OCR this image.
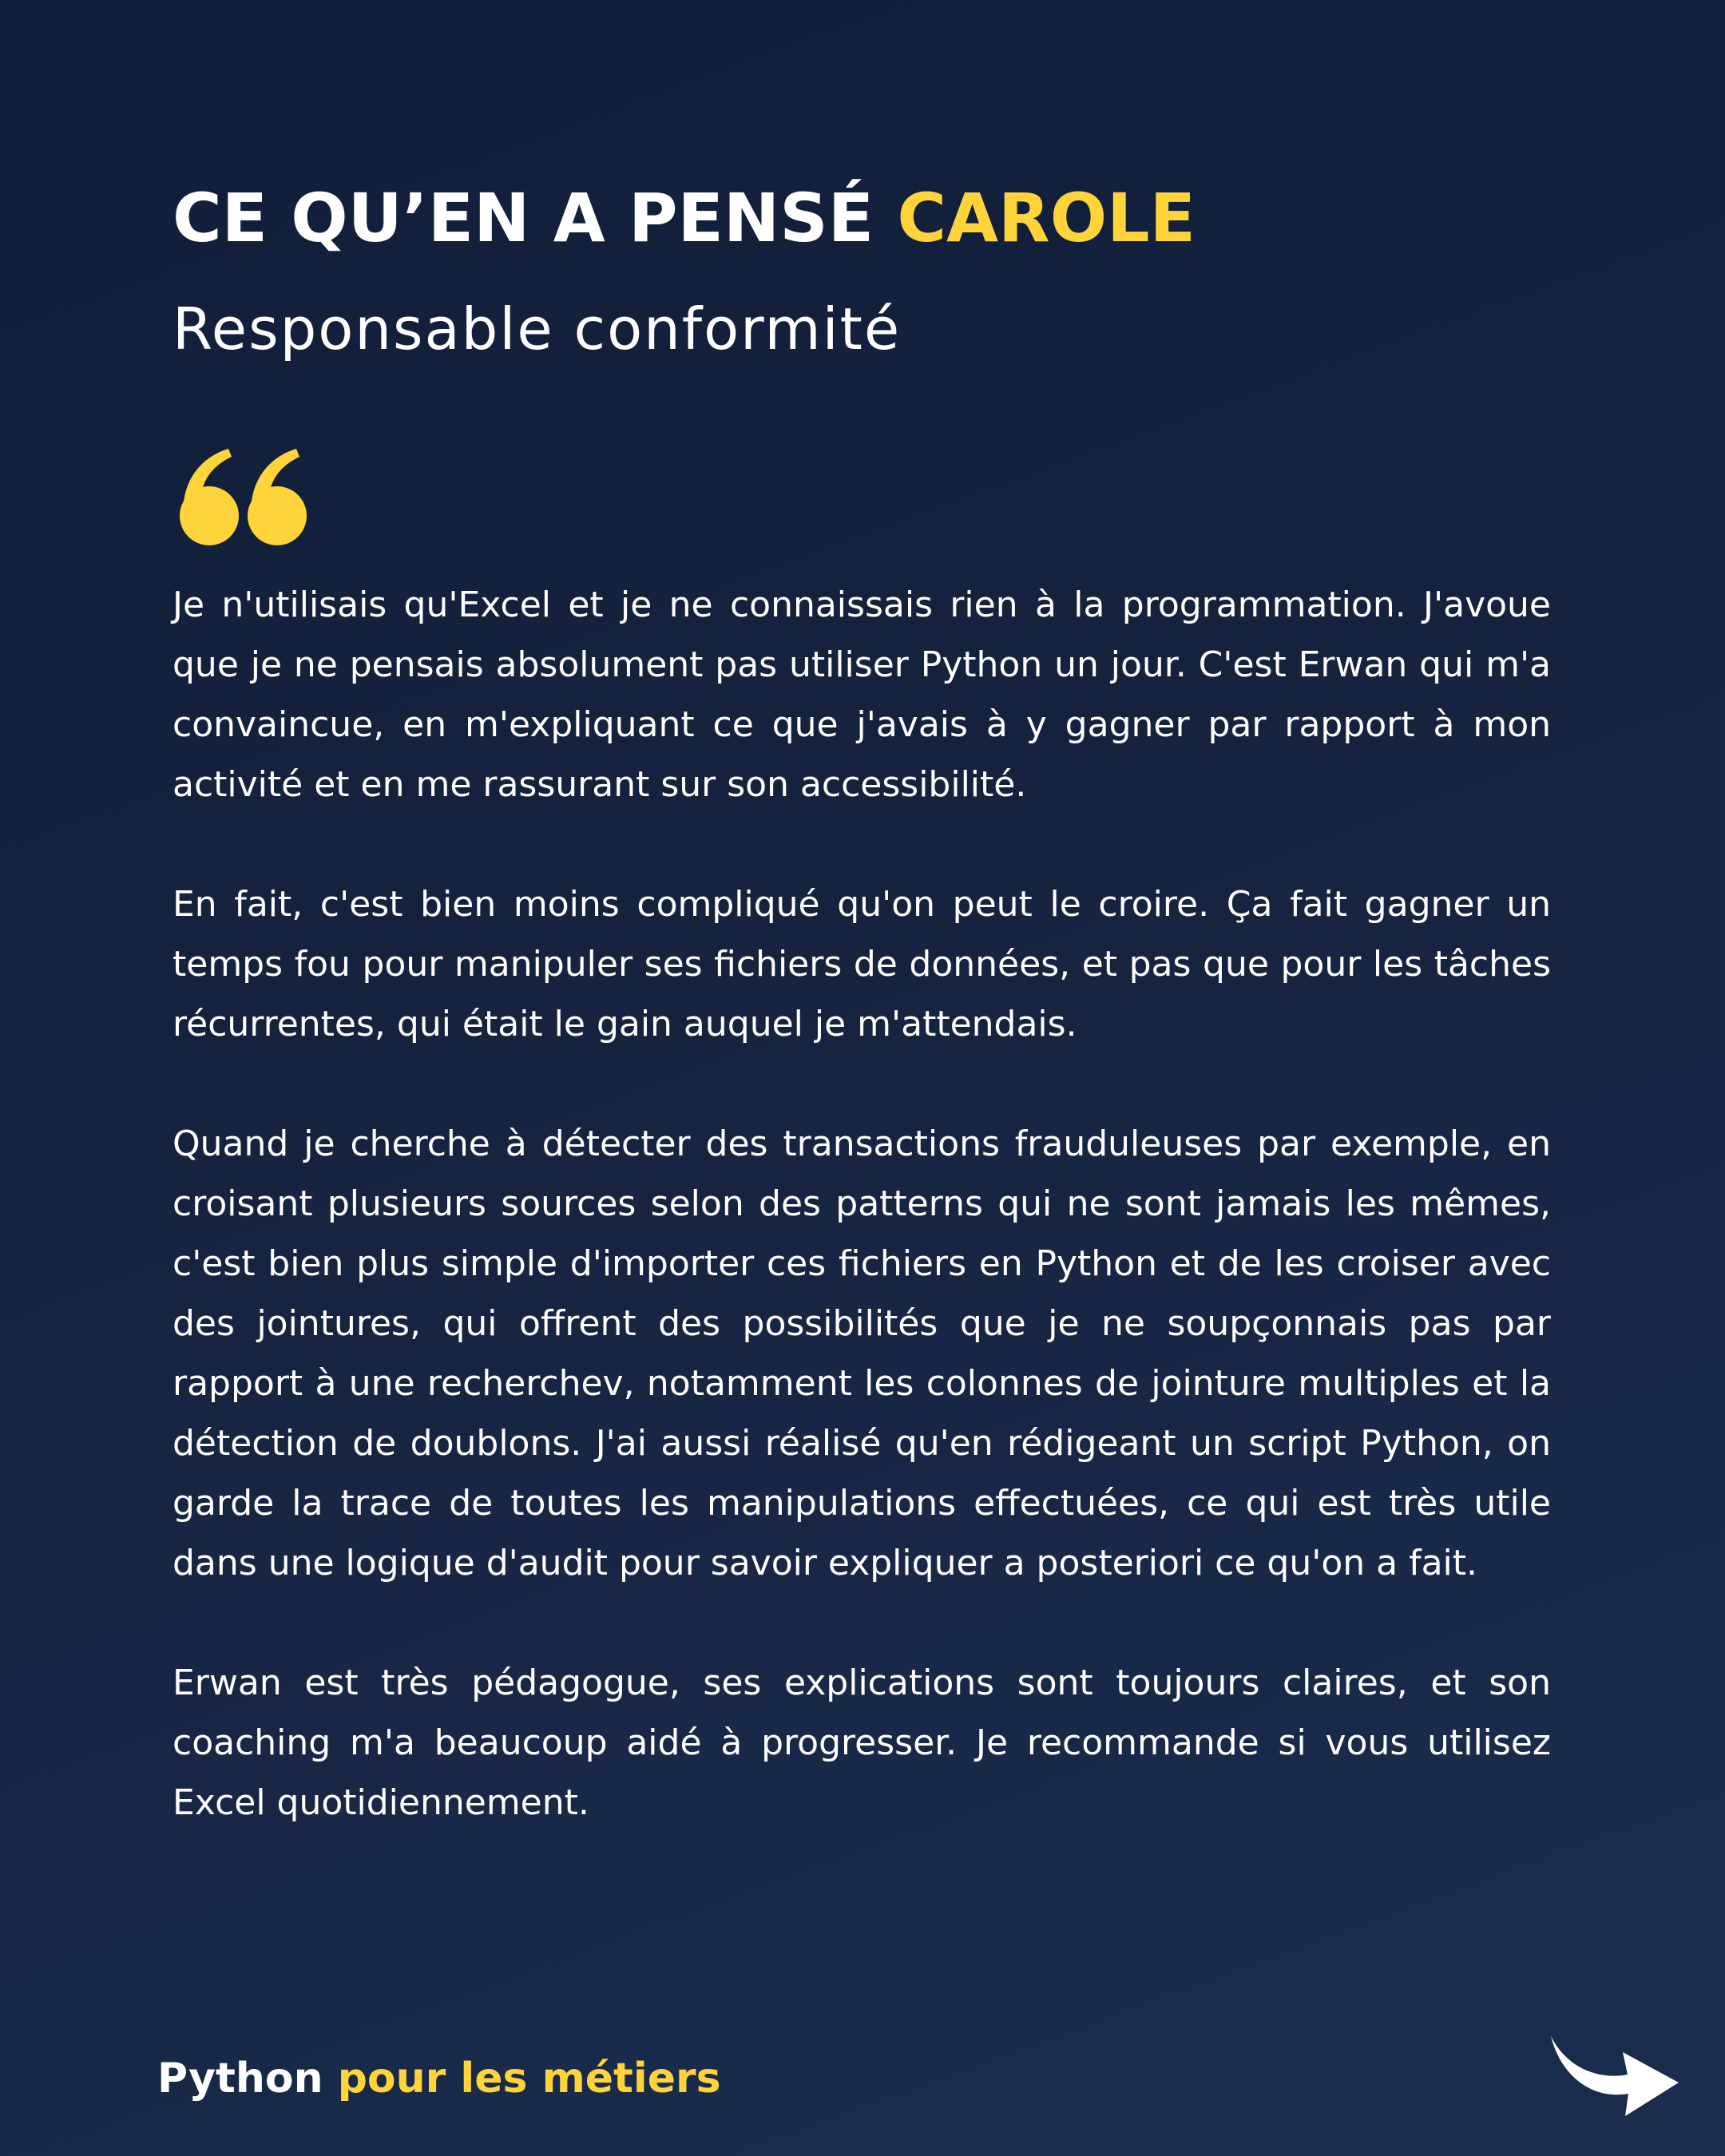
CE QU’EN A PENSÉ CAROLE
Responsable conformité

Je n'utilisais qu'Excel et je ne connaissais rien à la programmation. J'avoue que je ne pensais absolument pas utiliser Python un jour. C'est Erwan qui m'a convaincue, en m'expliquant ce que j'avais à y gagner par rapport à mon activité et en me rassurant sur son accessibilité.

En fait, c'est bien moins compliqué qu'on peut le croire. Ça fait gagner un temps fou pour manipuler ses fichiers de données, et pas que pour les tâches récurrentes, qui était le gain auquel je m'attendais.

Quand je cherche à détecter des transactions frauduleuses par exemple, en croisant plusieurs sources selon des patterns qui ne sont jamais les mêmes, c'est bien plus simple d'importer ces fichiers en Python et de les croiser avec des jointures, qui offrent des possibilités que je ne soupçonnais pas par rapport à une recherchev, notamment les colonnes de jointure multiples et la détection de doublons. J'ai aussi réalisé qu'en rédigeant un script Python, on garde la trace de toutes les manipulations effectuées, ce qui est très utile dans une logique d'audit pour savoir expliquer a posteriori ce qu'on a fait.

Erwan est très pédagogue, ses explications sont toujours claires, et son coaching m'a beaucoup aidé à progresser. Je recommande si vous utilisez Excel quotidiennement.

Python pour les métiers
